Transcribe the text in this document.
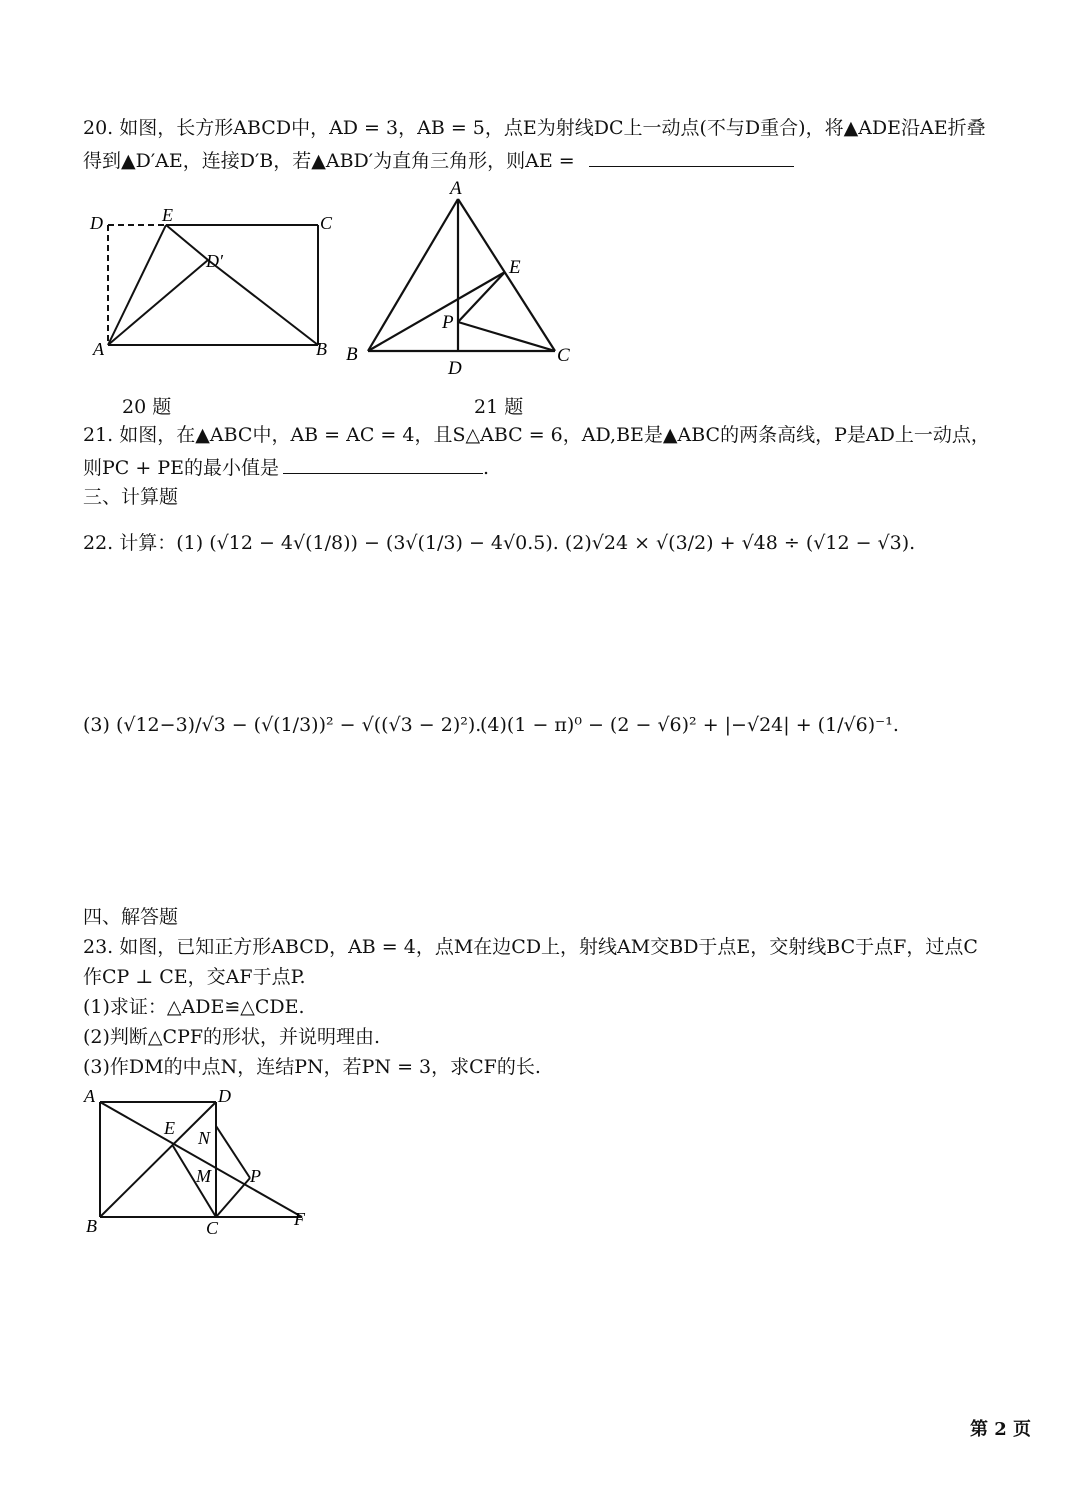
20. 如图，长方形ABCD中，AD = 3，AB = 5，点E为射线DC上一动点(不与D重合)，将▲ADE沿AE折叠
得到▲D′AE，连接D′B，若▲ABD′为直角三角形，则AE =
D	E	C
D′
A	B
A
E
P
B
D
C
20 题	21 题
21. 如图，在▲ABC中，AB = AC = 4，且S△ABC = 6，AD,BE是▲ABC的两条高线，P是AD上一动点，
则PC + PE的最小值是	.
三、计算题
22. 计算：(1) (√12 − 4√(1/8)) − (3√(1/3) − 4√0.5). (2)√24 × √(3/2) + √48 ÷ (√12 − √3).
(3) (√12−3)/√3 − (√(1/3))² − √((√3 − 2)²).
(4)(1 − π)⁰ − (2 − √6)² + |−√24| + (1/√6)⁻¹.
四、解答题
23. 如图，已知正方形ABCD，AB = 4，点M在边CD上，射线AM交BD于点E，交射线BC于点F，过点C
作CP ⊥ CE，交AF于点P.
(1)求证：△ADE≌△CDE.
(2)判断△CPF的形状，并说明理由.
(3)作DM的中点N，连结PN，若PN = 3，求CF的长.
A	D
E N
M P
B	C	F
第 2 页
